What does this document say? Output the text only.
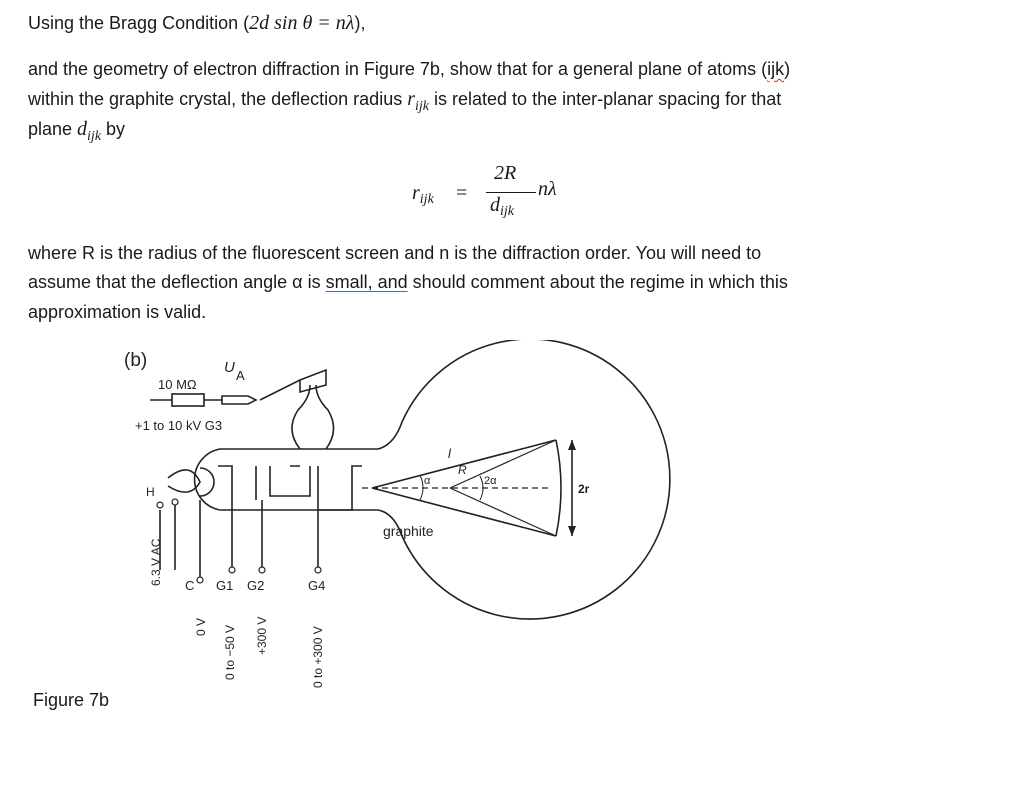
Using the Bragg Condition (2d sin θ = nλ),

and the geometry of electron diffraction in Figure 7b, show that for a general plane of atoms (ijk)

within the graphite crystal, the deflection radius $r_{ijk}$ is related to the inter-planar spacing for that

plane $d_{ijk}$ by

$r_{ijk}$ =
2R
$d_{ijk}$
nλ

where R is the radius of the fluorescent screen and n is the diffraction order. You will need to

assume that the deflection angle α is small, and should comment about the regime in which this

approximation is valid.

(b)
10 MΩ
U A
+1 to 10 kV G3
H
6.3 V AC C G1 G2	G4
0 V 0 to −50 V +300 V	0 to +300 V
graphite
l
R
α	2α
2r
Figure 7b
